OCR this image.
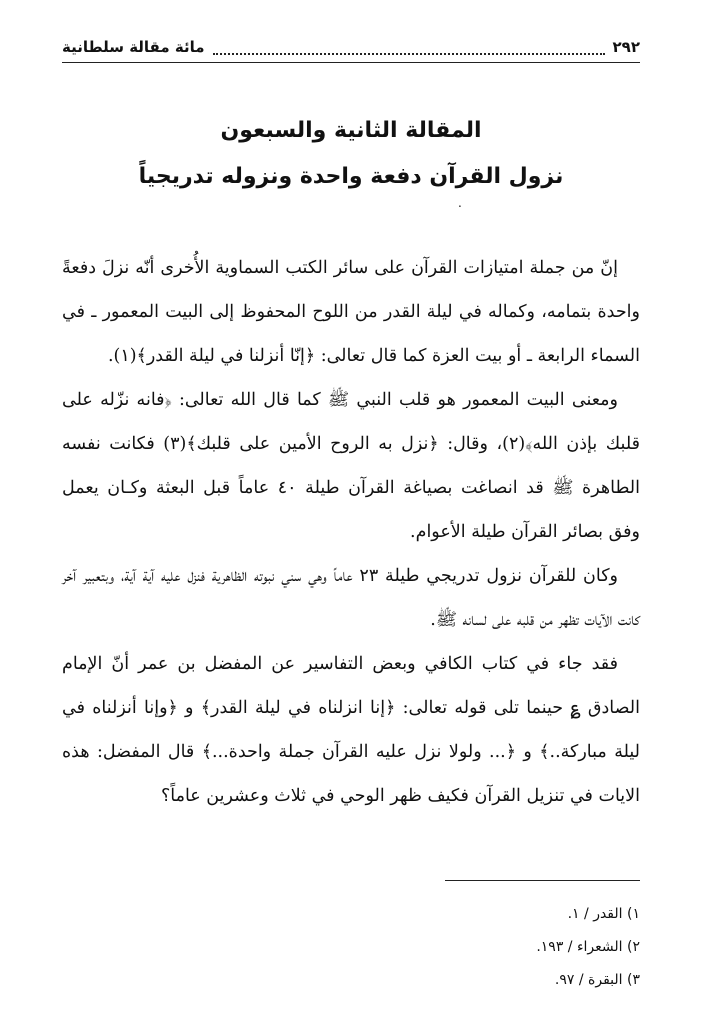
٢٩٢
مائة مقالة سلطانية
المقالة الثانية والسبعون
نزول القرآن دفعة واحدة ونزوله تدريجياً
.

إنّ من جملة امتيازات القرآن على سائر الكتب السماوية الأُخرى أنّه نزلَ دفعةً واحدة بتمامه، وكماله في ليلة القدر من اللوح المحفوظ إلى البيت المعمور ـ في السماء الرابعة ـ أو بيت العزة كما قال تعالى: ﴿إنّا أنزلنا في ليلة القدر﴾(١).

ومعنى البيت المعمور هو قلب النبي ﷺ كما قال الله تعالى: ﴿فانه نزّله على قلبك بإذن الله﴾(٢)، وقال: ﴿نزل به الروح الأمين على قلبك﴾(٣) فكانت نفسه الطاهرة ﷺ قد انصاغت بصياغة القرآن طيلة ٤٠ عاماً قبل البعثة وكـان يعمل وفق بصائر القرآن طيلة الأعوام.

وكان للقرآن نزول تدريجي طيلة ٢٣ عاماً وهي سني نبوته الظاهرية فنزل عليه آية آية، وبتعبير آخر كانت الآيات تظهر من قلبه على لسانه ﷺ.

فقد جاء في كتاب الكافي وبعض التفاسير عن المفضل بن عمر أنّ الإمام الصادق ؏ حينما تلى قوله تعالى: ﴿إنا انزلناه في ليلة القدر﴾ و ﴿وإنا أنزلناه في ليلة مباركة..﴾ و ﴿... ولولا نزل عليه القرآن جملة واحدة...﴾ قال المفضل: هذه الايات في تنزيل القرآن فكيف ظهر الوحي في ثلاث وعشرين عاماً؟

١) القدر / ١.
٢) الشعراء / ١٩٣.
٣) البقرة / ٩٧.
